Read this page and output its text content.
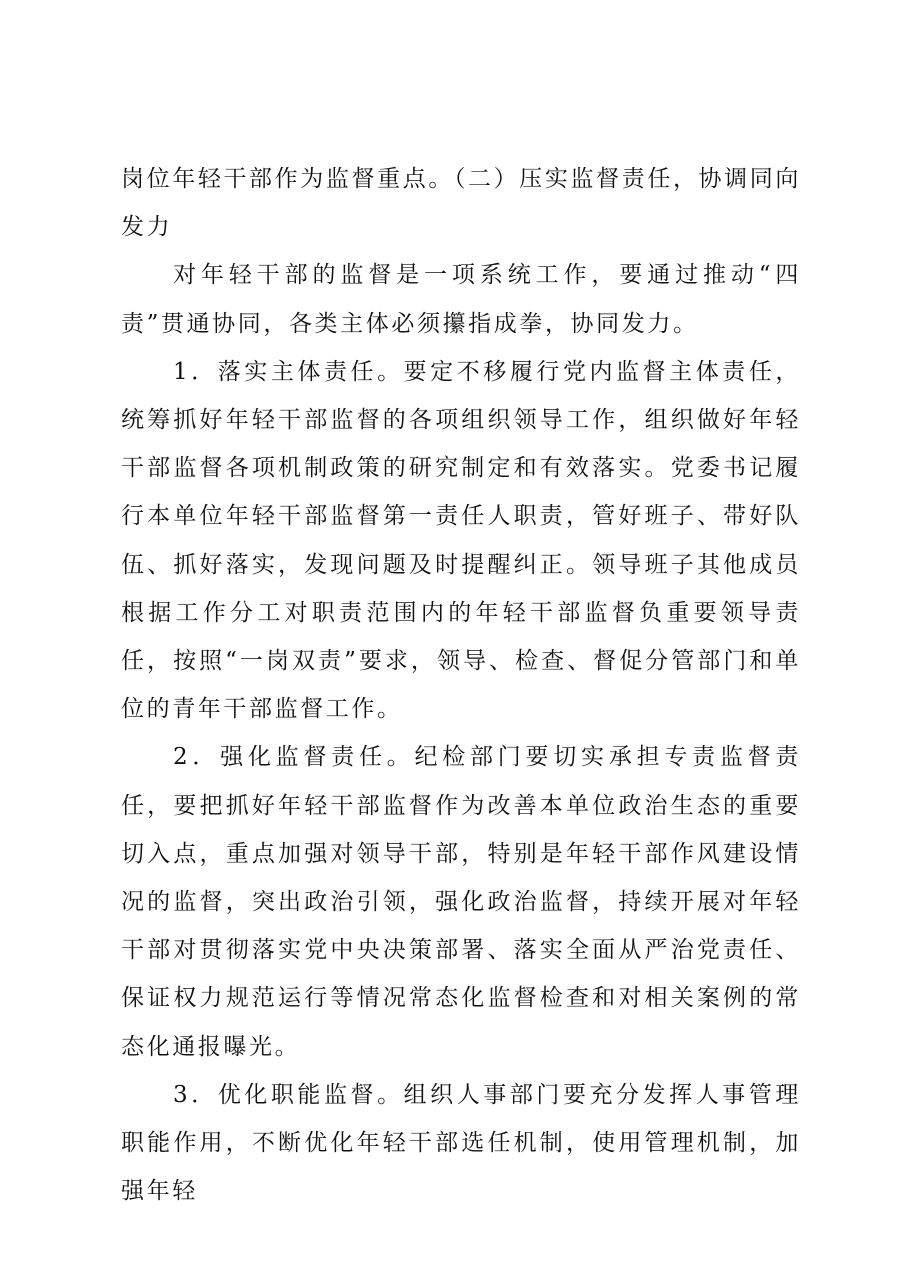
岗位年轻干部作为监督重点。（二）压实监督责任，协调同向发力

对年轻干部的监督是一项系统工作，要通过推动“四责”贯通协同，各类主体必须攥指成拳，协同发力。

1．落实主体责任。要定不移履行党内监督主体责任，统筹抓好年轻干部监督的各项组织领导工作，组织做好年轻干部监督各项机制政策的研究制定和有效落实。党委书记履行本单位年轻干部监督第一责任人职责，管好班子、带好队伍、抓好落实，发现问题及时提醒纠正。领导班子其他成员根据工作分工对职责范围内的年轻干部监督负重要领导责任，按照“一岗双责”要求，领导、检查、督促分管部门和单位的青年干部监督工作。

2．强化监督责任。纪检部门要切实承担专责监督责任，要把抓好年轻干部监督作为改善本单位政治生态的重要切入点，重点加强对领导干部，特别是年轻干部作风建设情况的监督，突出政治引领，强化政治监督，持续开展对年轻干部对贯彻落实党中央决策部署、落实全面从严治党责任、保证权力规范运行等情况常态化监督检查和对相关案例的常态化通报曝光。

3．优化职能监督。组织人事部门要充分发挥人事管理职能作用，不断优化年轻干部选任机制，使用管理机制，加强年轻
